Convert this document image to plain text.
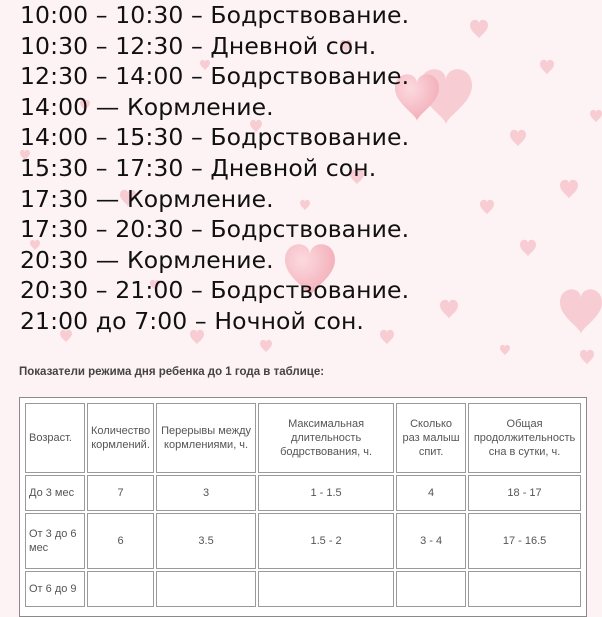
10:00 – 10:30 – Бодрствование.
10:30 – 12:30 – Дневной сон.
12:30 – 14:00 – Бодрствование.
14:00 — Кормление.
14:00 – 15:30 – Бодрствование.
15:30 – 17:30 – Дневной сон.
17:30 — Кормление.
17:30 – 20:30 – Бодрствование.
20:30 — Кормление.
20:30 – 21:00 – Бодрствование.
21:00 до 7:00 – Ночной сон.
Показатели режима дня ребенка до 1 года в таблице:
Возраст.	Количество кормлений.	Перерывы между кормлениями, ч.	Максимальная длительность бодрствования, ч.	Сколько раз малыш спит.	Общая продолжительность сна в сутки, ч.
До 3 мес	7	3	1 - 1.5	4	18 - 17
От 3 до 6 мес	6	3.5	1.5 - 2	3 - 4	17 - 16.5
От 6 до 9					
